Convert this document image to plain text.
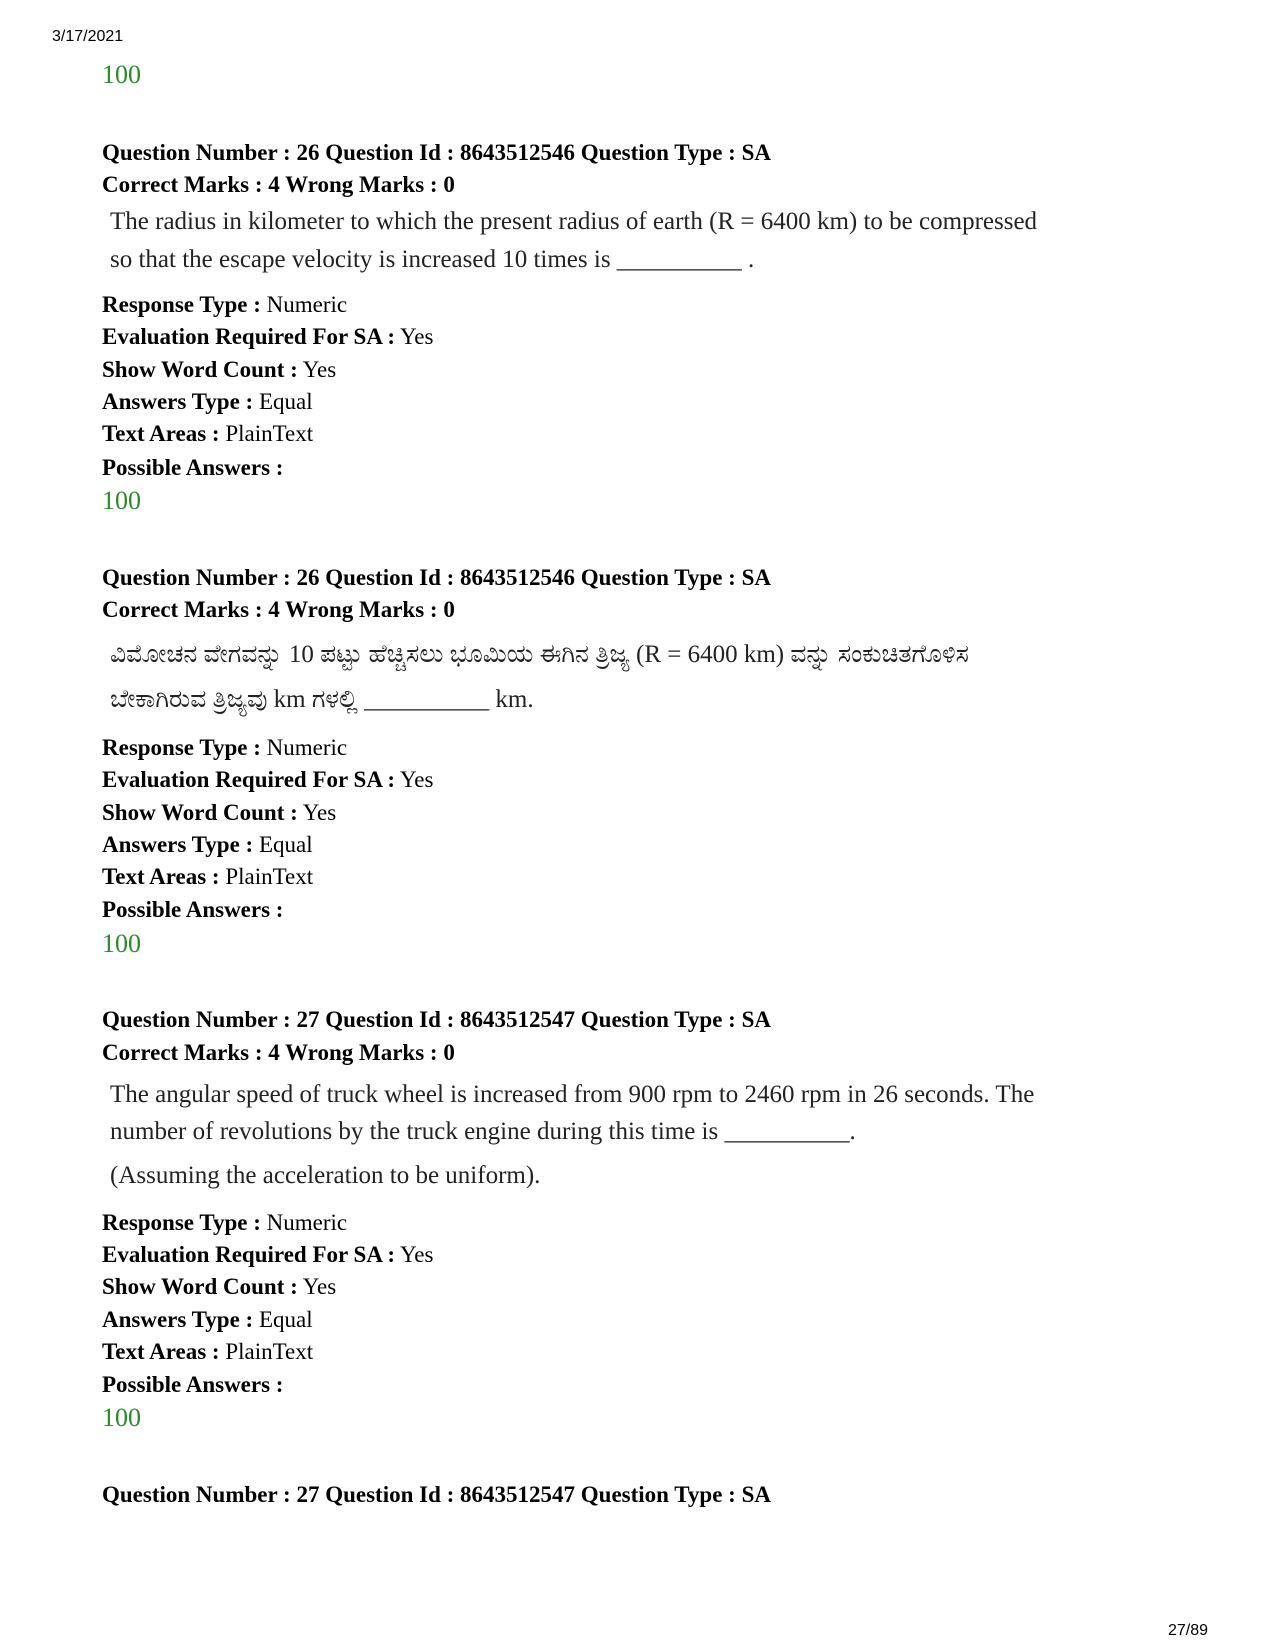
3/17/2021
100
Question Number : 26 Question Id : 8643512546 Question Type : SA
Correct Marks : 4 Wrong Marks : 0
The radius in kilometer to which the present radius of earth (R = 6400 km) to be compressed
so that the escape velocity is increased 10 times is __________ .
Response Type : Numeric
Evaluation Required For SA : Yes
Show Word Count : Yes
Answers Type : Equal
Text Areas : PlainText
Possible Answers :
100
Question Number : 26 Question Id : 8643512546 Question Type : SA
Correct Marks : 4 Wrong Marks : 0
ವಿಮೋಚನ ವೇಗವನ್ನು 10 ಪಟ್ಟು ಹೆಚ್ಚಿಸಲು ಭೂಮಿಯ ಈಗಿನ ತ್ರಿಜ್ಯ (R = 6400 km) ವನ್ನು ಸಂಕುಚಿತಗೊಳಿಸ
ಬೇಕಾಗಿರುವ ತ್ರಿಜ್ಯವು km ಗಳಲ್ಲಿ __________ km.
Response Type : Numeric
Evaluation Required For SA : Yes
Show Word Count : Yes
Answers Type : Equal
Text Areas : PlainText
Possible Answers :
100
Question Number : 27 Question Id : 8643512547 Question Type : SA
Correct Marks : 4 Wrong Marks : 0
The angular speed of truck wheel is increased from 900 rpm to 2460 rpm in 26 seconds. The
number of revolutions by the truck engine during this time is __________.
(Assuming the acceleration to be uniform).
Response Type : Numeric
Evaluation Required For SA : Yes
Show Word Count : Yes
Answers Type : Equal
Text Areas : PlainText
Possible Answers :
100
Question Number : 27 Question Id : 8643512547 Question Type : SA
27/89
